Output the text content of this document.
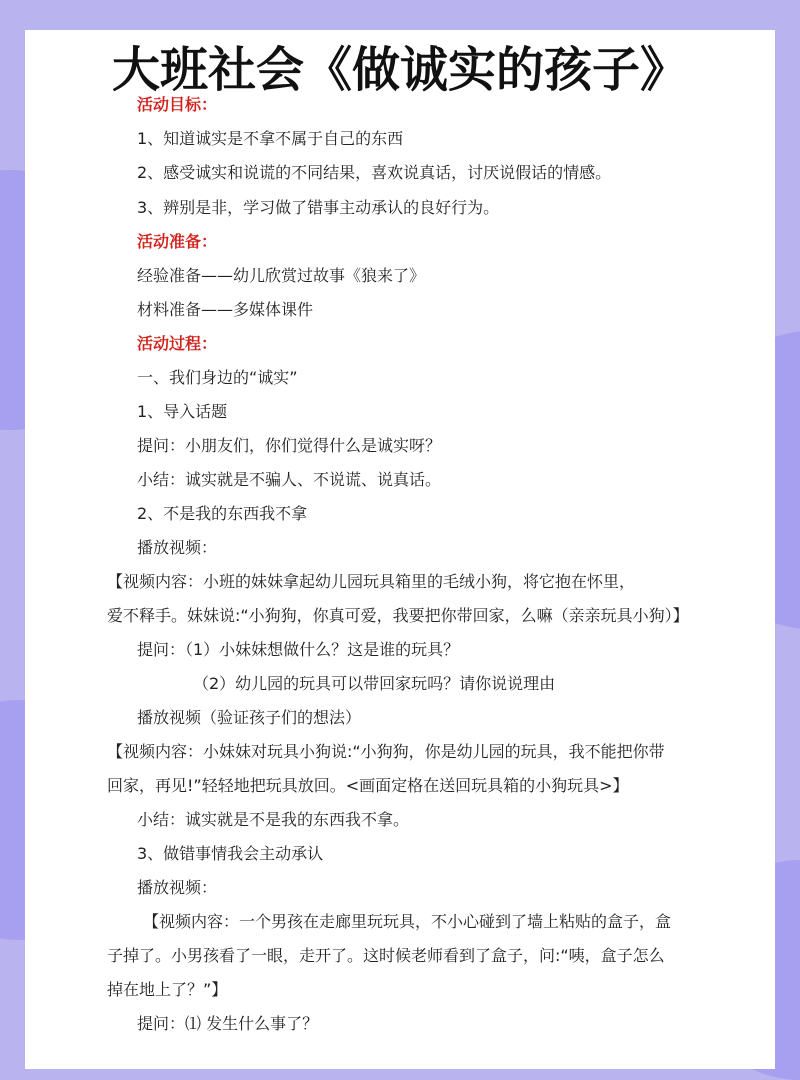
大班社会《做诚实的孩子》
活动目标：
1、知道诚实是不拿不属于自己的东西
2、感受诚实和说谎的不同结果，喜欢说真话，讨厌说假话的情感。
3、辨别是非，学习做了错事主动承认的良好行为。
活动准备：
经验准备——幼儿欣赏过故事《狼来了》
材料准备——多媒体课件
活动过程：
一、我们身边的“诚实”
1、导入话题
提问：小朋友们，你们觉得什么是诚实呀？
小结：诚实就是不骗人、不说谎、说真话。
2、不是我的东西我不拿
播放视频：
【视频内容：小班的妹妹拿起幼儿园玩具箱里的毛绒小狗，将它抱在怀里，
爱不释手。妹妹说:“小狗狗，你真可爱，我要把你带回家，么嘛（亲亲玩具小狗）】
提问：（1）小妹妹想做什么？这是谁的玩具？
（2）幼儿园的玩具可以带回家玩吗？请你说说理由
播放视频（验证孩子们的想法）
【视频内容：小妹妹对玩具小狗说:“小狗狗，你是幼儿园的玩具，我不能把你带
回家，再见!”轻轻地把玩具放回。<画面定格在送回玩具箱的小狗玩具>】
小结：诚实就是不是我的东西我不拿。
3、做错事情我会主动承认
播放视频：
【视频内容：一个男孩在走廊里玩玩具，不小心碰到了墙上粘贴的盒子，盒
子掉了。小男孩看了一眼，走开了。这时候老师看到了盒子，问:“咦，盒子怎么
掉在地上了？”】
提问：⑴ 发生什么事了？
